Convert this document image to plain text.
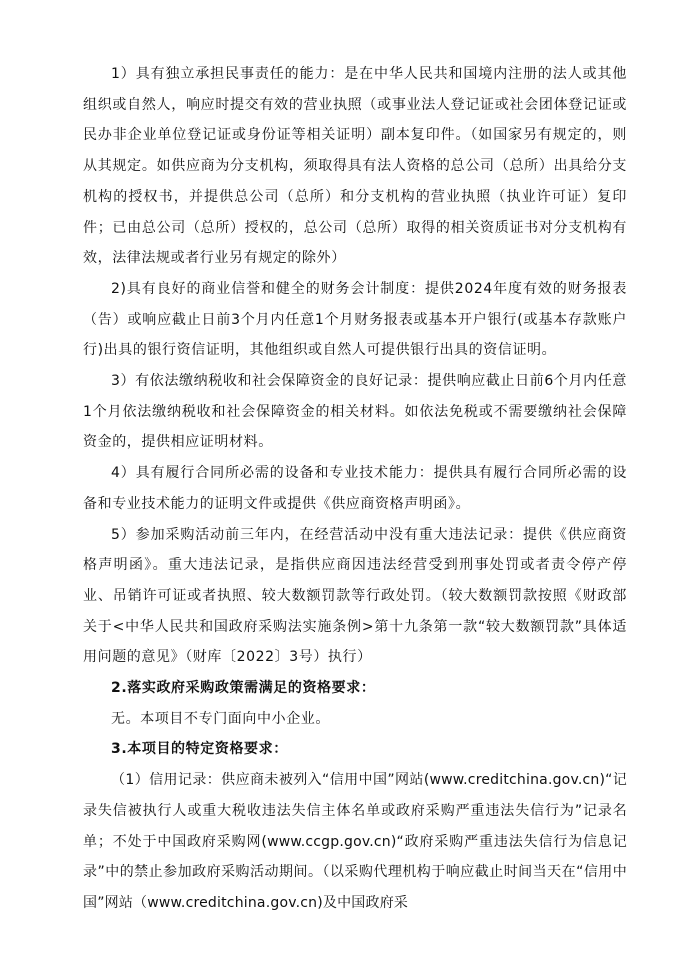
1）具有独立承担民事责任的能力：是在中华人民共和国境内注册的法人或其他组织或自然人，响应时提交有效的营业执照（或事业法人登记证或社会团体登记证或民办非企业单位登记证或身份证等相关证明）副本复印件。（如国家另有规定的，则从其规定。如供应商为分支机构，须取得具有法人资格的总公司（总所）出具给分支机构的授权书，并提供总公司（总所）和分支机构的营业执照（执业许可证）复印件；已由总公司（总所）授权的，总公司（总所）取得的相关资质证书对分支机构有效，法律法规或者行业另有规定的除外）

2)具有良好的商业信誉和健全的财务会计制度：提供2024年度有效的财务报表（告）或响应截止日前3个月内任意1个月财务报表或基本开户银行(或基本存款账户行)出具的银行资信证明，其他组织或自然人可提供银行出具的资信证明。

3）有依法缴纳税收和社会保障资金的良好记录：提供响应截止日前6个月内任意1个月依法缴纳税收和社会保障资金的相关材料。如依法免税或不需要缴纳社会保障资金的，提供相应证明材料。

4）具有履行合同所必需的设备和专业技术能力：提供具有履行合同所必需的设备和专业技术能力的证明文件或提供《供应商资格声明函》。

5）参加采购活动前三年内，在经营活动中没有重大违法记录：提供《供应商资格声明函》。重大违法记录，是指供应商因违法经营受到刑事处罚或者责令停产停业、吊销许可证或者执照、较大数额罚款等行政处罚。（较大数额罚款按照《财政部关于<中华人民共和国政府采购法实施条例>第十九条第一款“较大数额罚款”具体适用问题的意见》（财库〔2022〕3号）执行）

2.落实政府采购政策需满足的资格要求：

无。本项目不专门面向中小企业。

3.本项目的特定资格要求：

（1）信用记录：供应商未被列入“信用中国”网站(www.creditchina.gov.cn)“记录失信被执行人或重大税收违法失信主体名单或政府采购严重违法失信行为”记录名单；不处于中国政府采购网(www.ccgp.gov.cn)“政府采购严重违法失信行为信息记录”中的禁止参加政府采购活动期间。（以采购代理机构于响应截止时间当天在“信用中国”网站（www.creditchina.gov.cn)及中国政府采
